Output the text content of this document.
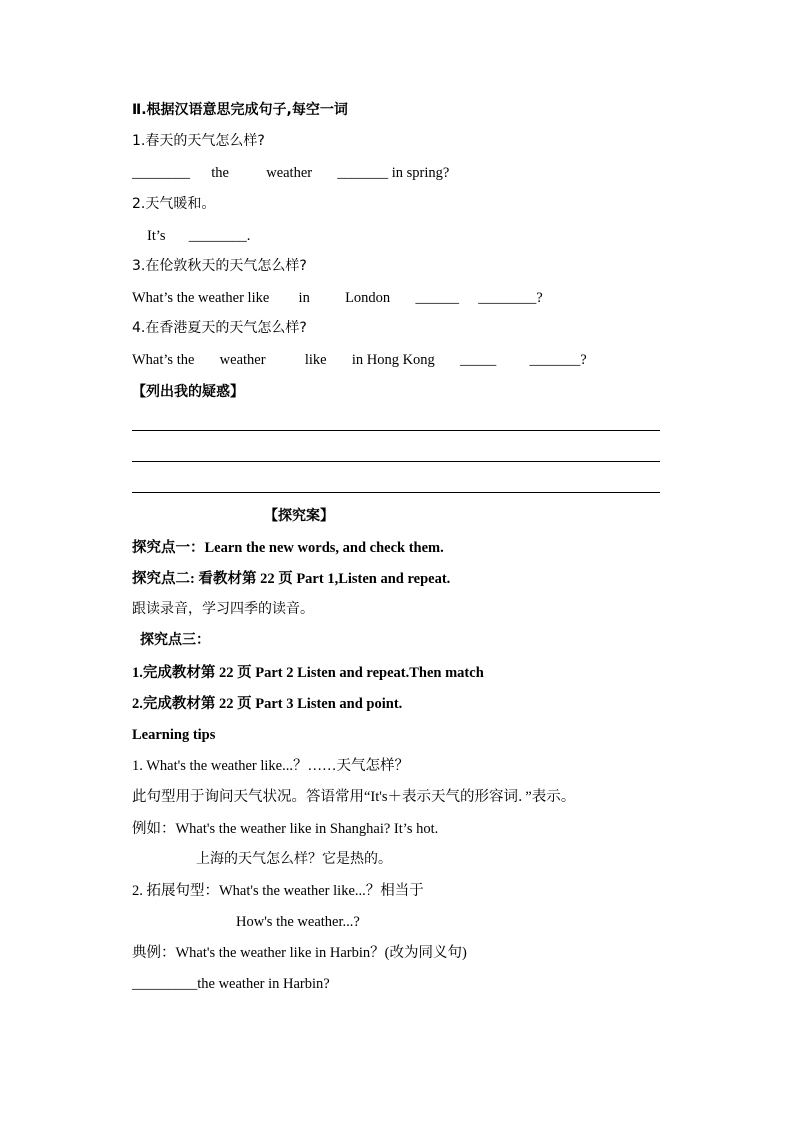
Ⅱ.根据汉语意思完成句子,每空一词
1.春天的天气怎么样?
________ the	weather _______ in spring?
2.天气暖和。
It’s ________.
3.在伦敦秋天的天气怎么样?
What’s the weather like in London ______ ________?
4.在香港夏天的天气怎么样?
What’s the weather	like in Hong Kong _____ _______?
【列出我的疑惑】
【探究案】
探究点一：Learn the new words, and check them.
探究点二: 看教材第 22 页 Part 1,Listen and repeat.
跟读录音，学习四季的读音。
探究点三：
1.完成教材第 22 页 Part 2 Listen and repeat.Then match
2.完成教材第 22 页 Part 3 Listen and point.
Learning tips
1. What's the weather like...？……天气怎样？
此句型用于询问天气状况。答语常用“It's＋表示天气的形容词．”表示。
例如：What's the weather like in Shanghai? It’s hot.
上海的天气怎么样？它是热的。
2. 拓展句型：What's the weather like...？相当于
How's the weather...?
典例：What's the weather like in Harbin？(改为同义句)
_________the weather in Harbin?
